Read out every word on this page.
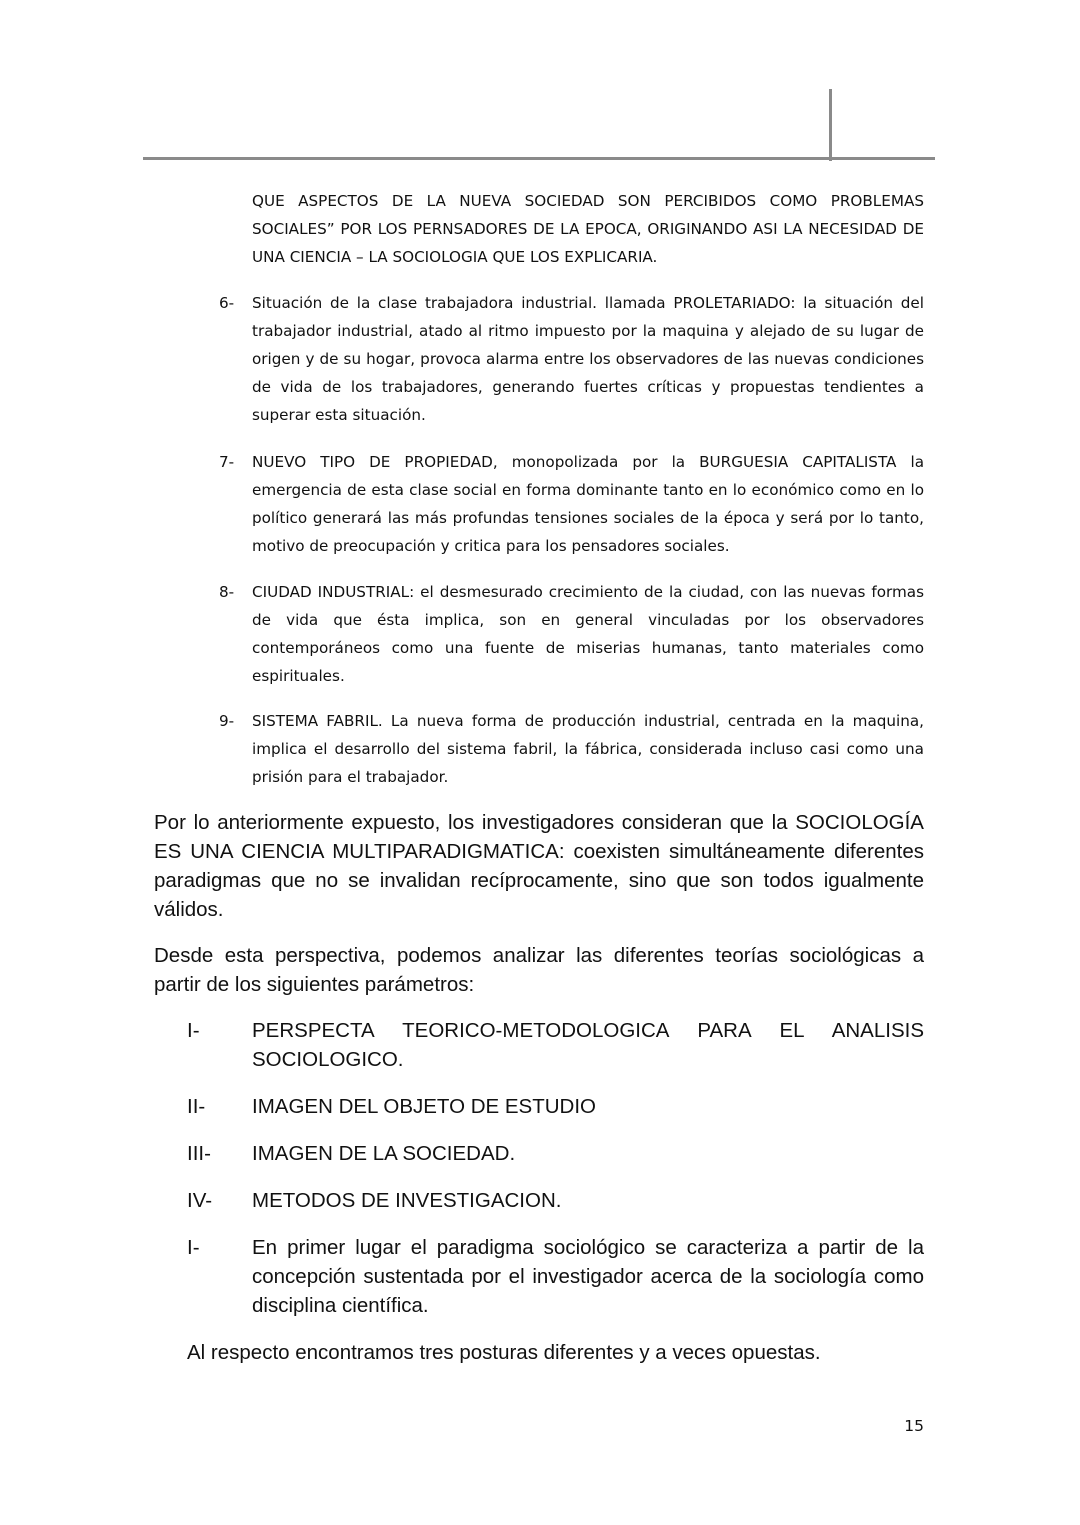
QUE ASPECTOS DE LA NUEVA SOCIEDAD SON PERCIBIDOS COMO PROBLEMAS SOCIALES” POR LOS PERNSADORES DE LA EPOCA, ORIGINANDO ASI LA NECESIDAD DE UNA CIENCIA – LA SOCIOLOGIA QUE LOS EXPLICARIA.
6-	Situación de la clase trabajadora industrial. llamada PROLETARIADO: la situación del trabajador industrial, atado al ritmo impuesto por la maquina y alejado de su lugar de origen y de su hogar, provoca alarma entre los observadores de las nuevas condiciones de vida de los trabajadores, generando fuertes críticas y propuestas tendientes a superar esta situación.
7-	NUEVO TIPO DE PROPIEDAD, monopolizada por la BURGUESIA CAPITALISTA la emergencia de esta clase social en forma dominante tanto en lo económico como en lo político generará las más profundas tensiones sociales de la época y será por lo tanto, motivo de preocupación y critica para los pensadores sociales.
8-	CIUDAD INDUSTRIAL: el desmesurado crecimiento de la ciudad, con las nuevas formas de vida que ésta implica, son en general vinculadas por los observadores contemporáneos como una fuente de miserias humanas, tanto materiales como espirituales.
9-	SISTEMA FABRIL. La nueva forma de producción industrial, centrada en la maquina, implica el desarrollo del sistema fabril, la fábrica, considerada incluso casi como una prisión para el trabajador.
Por lo anteriormente expuesto, los investigadores consideran que la SOCIOLOGÍA ES UNA CIENCIA MULTIPARADIGMATICA: coexisten simultáneamente diferentes paradigmas que no se invalidan recíprocamente, sino que son todos igualmente válidos.
Desde esta perspectiva, podemos analizar las diferentes teorías sociológicas a partir de los siguientes parámetros:
I-	PERSPECTA TEORICO-METODOLOGICA PARA EL ANALISIS SOCIOLOGICO.
II-	IMAGEN DEL OBJETO DE ESTUDIO
III-	IMAGEN DE LA SOCIEDAD.
IV-	METODOS DE INVESTIGACION.
I-	En primer lugar el paradigma sociológico se caracteriza a partir de la concepción sustentada por el investigador acerca de la sociología como disciplina científica.
Al respecto encontramos tres posturas diferentes y a veces opuestas.
15
